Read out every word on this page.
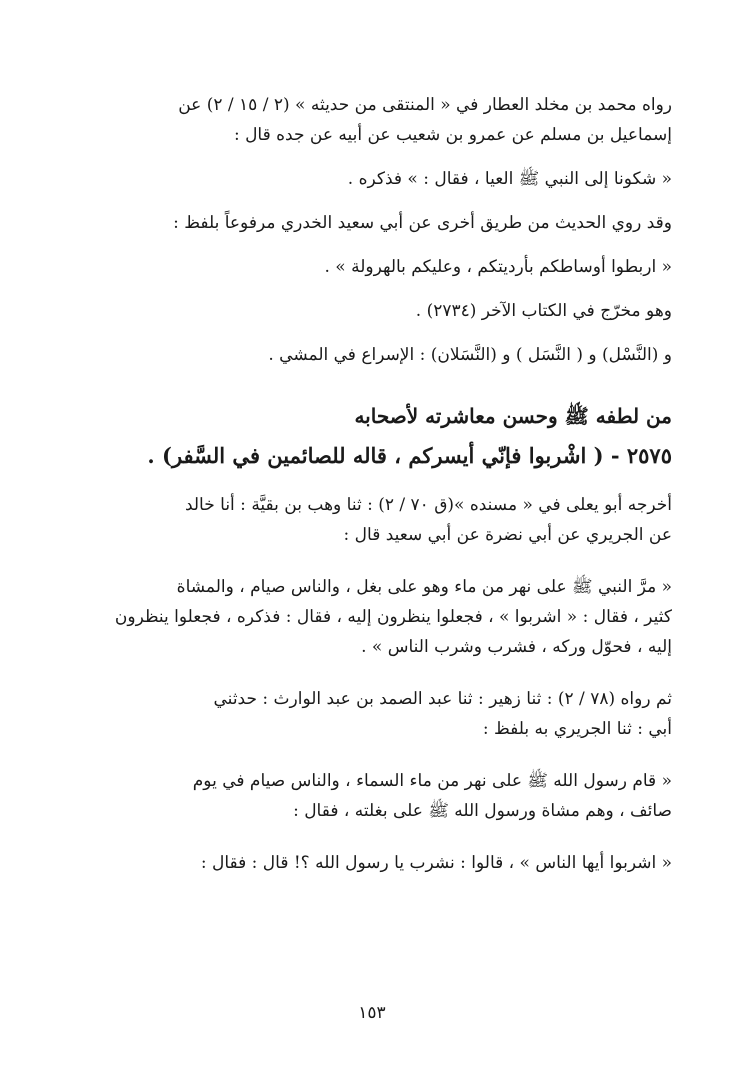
رواه محمد بن مخلد العطار في « المنتقى من حديثه » (٢ / ١٥ / ٢) عن
إسماعيل بن مسلم عن عمرو بن شعيب عن أبيه عن جده قال :
« شكونا إلى النبي ﷺ العيا ، فقال : » فذكره .
وقد روي الحديث من طريق أخرى عن أبي سعيد الخدري مرفوعاً بلفظ :
« اربطوا أوساطكم بأرديتكم ، وعليكم بالهرولة » .
وهو مخرّج في الكتاب الآخر (٢٧٣٤) .
و (النَّسْل) و ( النَّسَل ) و (النَّسَلان) : الإسراع في المشي .
من لطفه ﷺ وحسن معاشرته لأصحابه
٢٥٧٥ - ( اشْربوا فإنّي أيسركم ، قاله للصائمين في السَّفر) .
أخرجه أبو يعلى في « مسنده »(ق ٧٠ / ٢) : ثنا وهب بن بقيَّة : أنا خالد
عن الجريري عن أبي نضرة عن أبي سعيد قال :
« مرَّ النبي ﷺ على نهر من ماء وهو على بغل ، والناس صيام ، والمشاة
كثير ، فقال : « اشربوا » ، فجعلوا ينظرون إليه ، فقال : فذكره ، فجعلوا ينظرون
إليه ، فحوّل وركه ، فشرب وشرب الناس » .
ثم رواه (٧٨ / ٢) : ثنا زهير : ثنا عبد الصمد بن عبد الوارث : حدثني
أبي : ثنا الجريري به بلفظ :
« قام رسول الله ﷺ على نهر من ماء السماء ، والناس صيام في يوم
صائف ، وهم مشاة ورسول الله ﷺ على بغلته ، فقال :
« اشربوا أيها الناس » ، قالوا : نشرب يا رسول الله ؟! قال : فقال :
١٥٣
